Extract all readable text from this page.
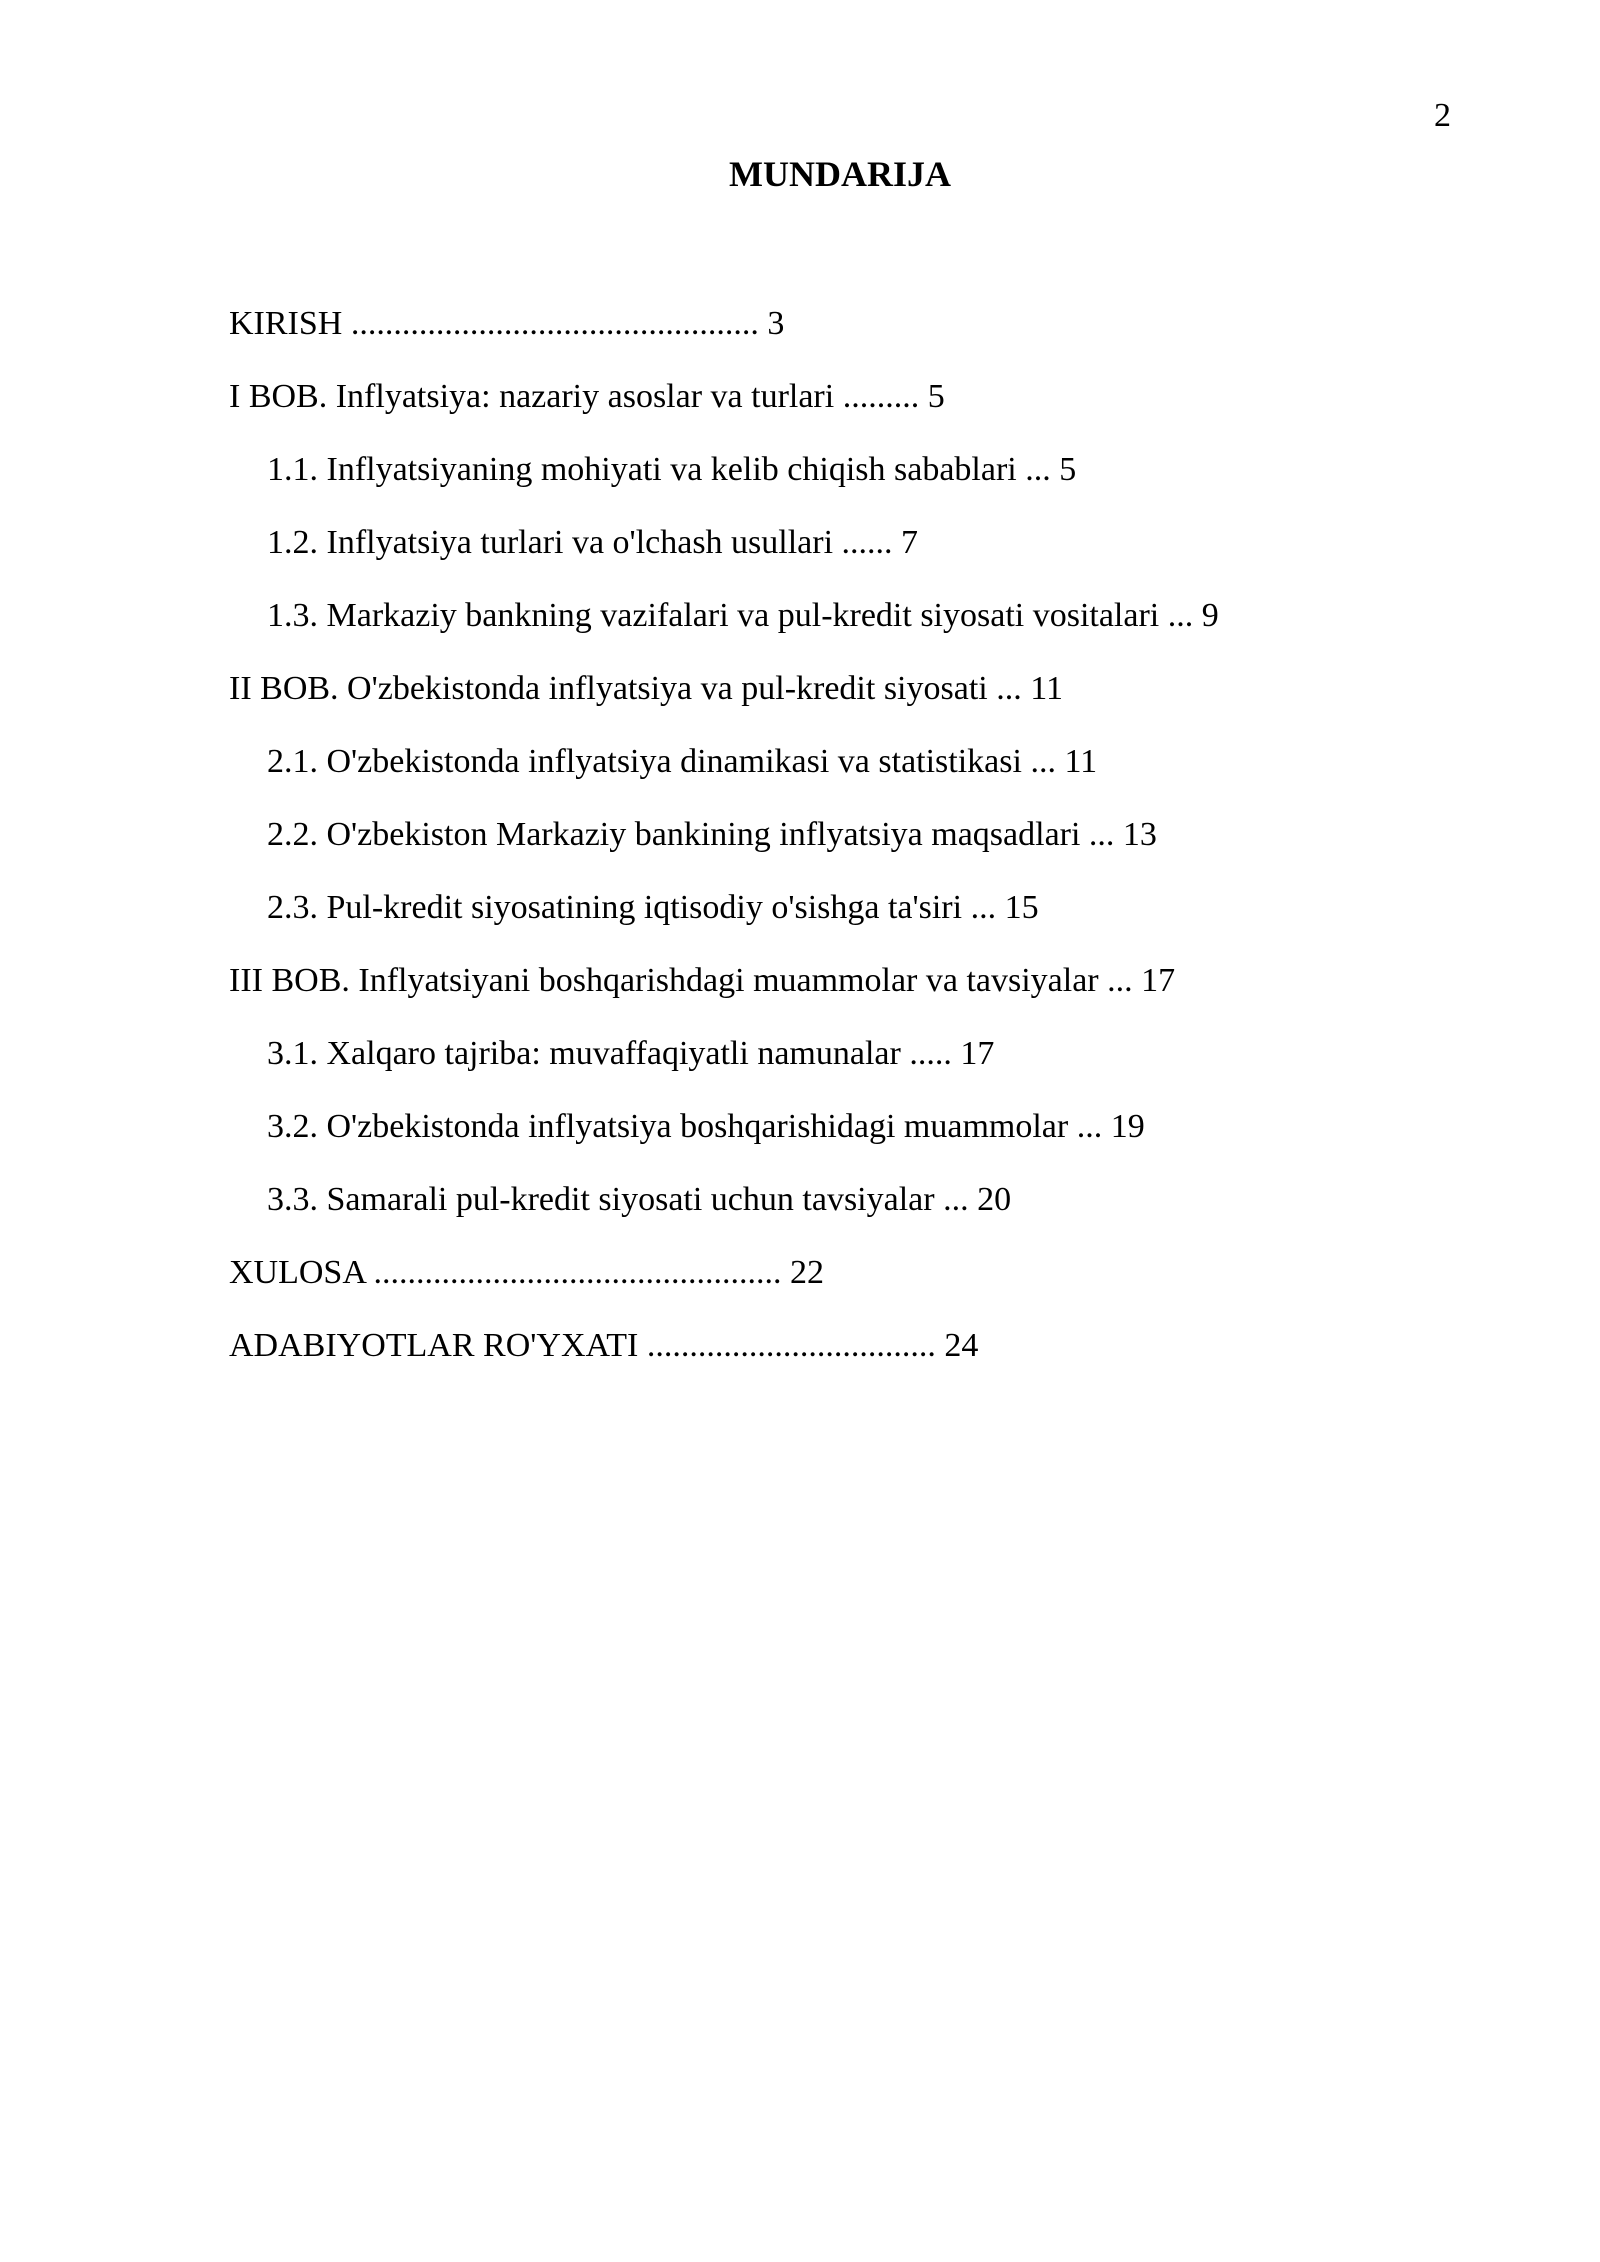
2
MUNDARIJA
KIRISH ................................................ 3
I BOB. Inflyatsiya: nazariy asoslar va turlari ......... 5
1.1. Inflyatsiyaning mohiyati va kelib chiqish sabablari ... 5
1.2. Inflyatsiya turlari va o'lchash usullari ...... 7
1.3. Markaziy bankning vazifalari va pul-kredit siyosati vositalari ... 9
II BOB. O'zbekistonda inflyatsiya va pul-kredit siyosati ... 11
2.1. O'zbekistonda inflyatsiya dinamikasi va statistikasi ... 11
2.2. O'zbekiston Markaziy bankining inflyatsiya maqsadlari ... 13
2.3. Pul-kredit siyosatining iqtisodiy o'sishga ta'siri ... 15
III BOB. Inflyatsiyani boshqarishdagi muammolar va tavsiyalar ... 17
3.1. Xalqaro tajriba: muvaffaqiyatli namunalar ..... 17
3.2. O'zbekistonda inflyatsiya boshqarishidagi muammolar ... 19
3.3. Samarali pul-kredit siyosati uchun tavsiyalar ... 20
XULOSA ................................................ 22
ADABIYOTLAR RO'YXATI .................................. 24
